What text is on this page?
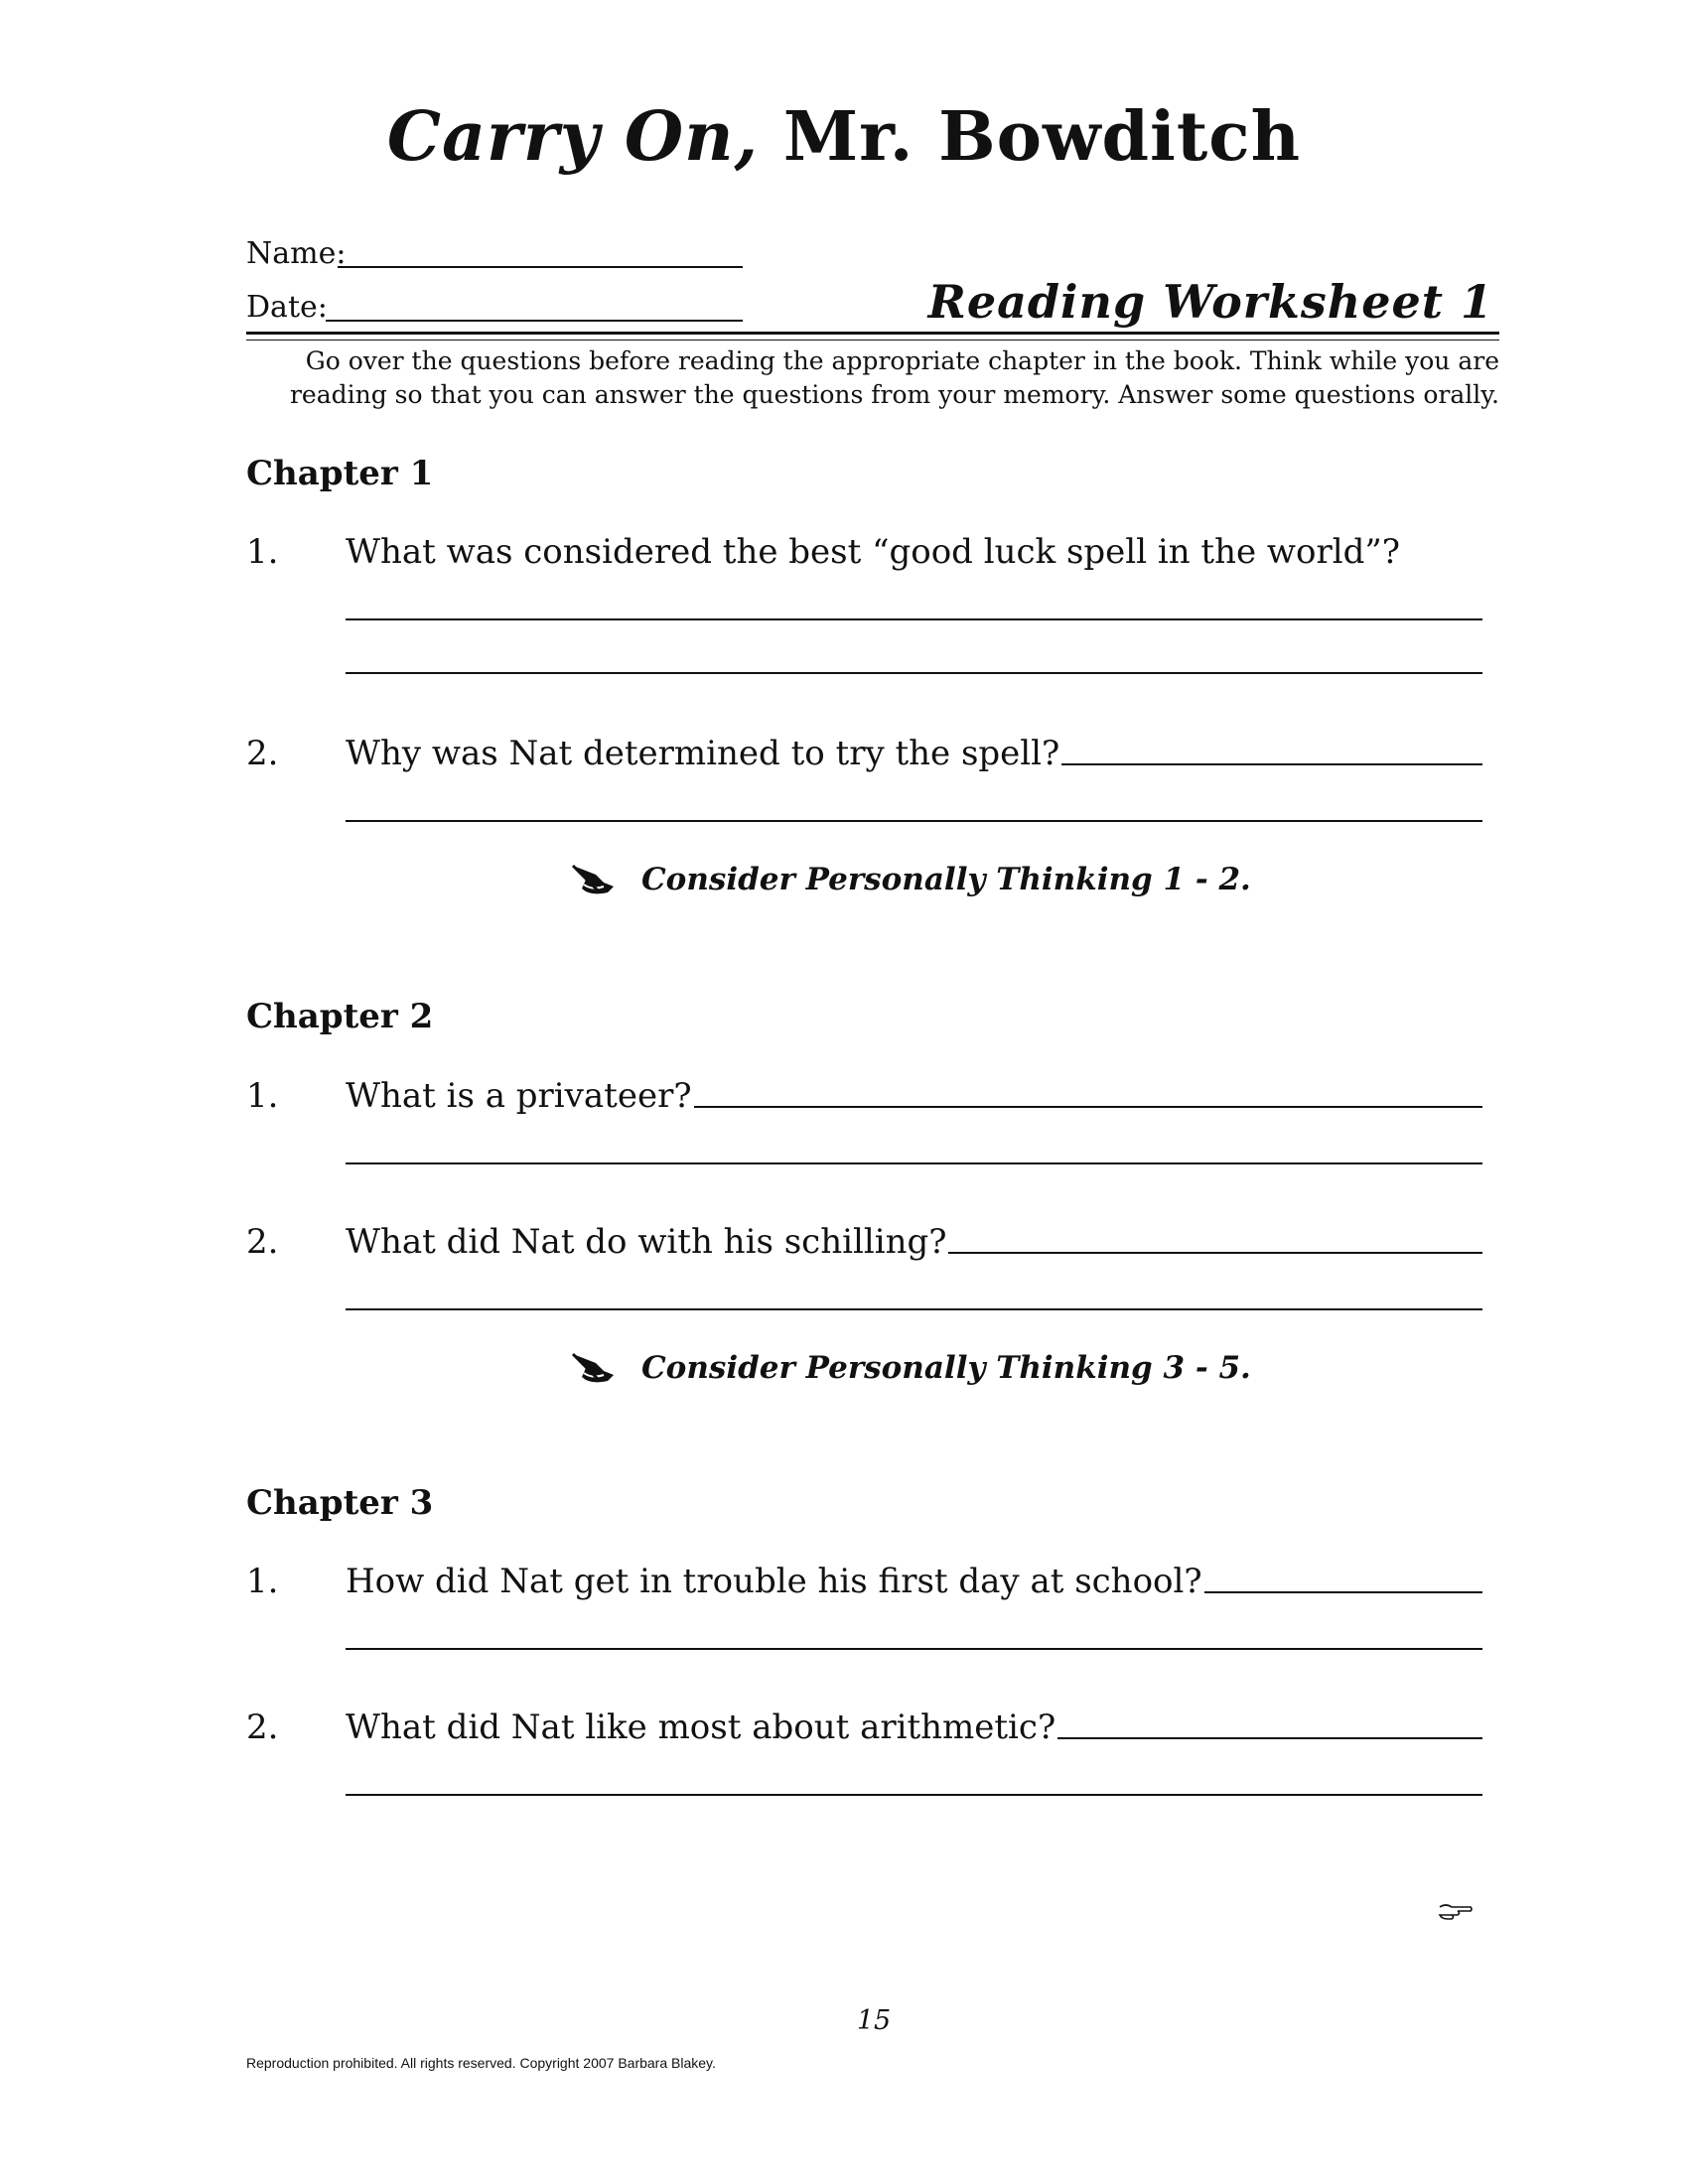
Carry On, Mr. Bowditch
Name:
Date:	Reading Worksheet 1
Go over the questions before reading the appropriate chapter in the book. Think while you are
reading so that you can answer the questions from your memory. Answer some questions orally.
Chapter 1
1. What was considered the best “good luck spell in the world”?
2. Why was Nat determined to try the spell?
Consider Personally Thinking 1 - 2.
Chapter 2
1. What is a privateer?
2. What did Nat do with his schilling?
Consider Personally Thinking 3 - 5.
Chapter 3
1. How did Nat get in trouble his first day at school?
2. What did Nat like most about arithmetic?
15
Reproduction prohibited. All rights reserved. Copyright 2007 Barbara Blakey.
